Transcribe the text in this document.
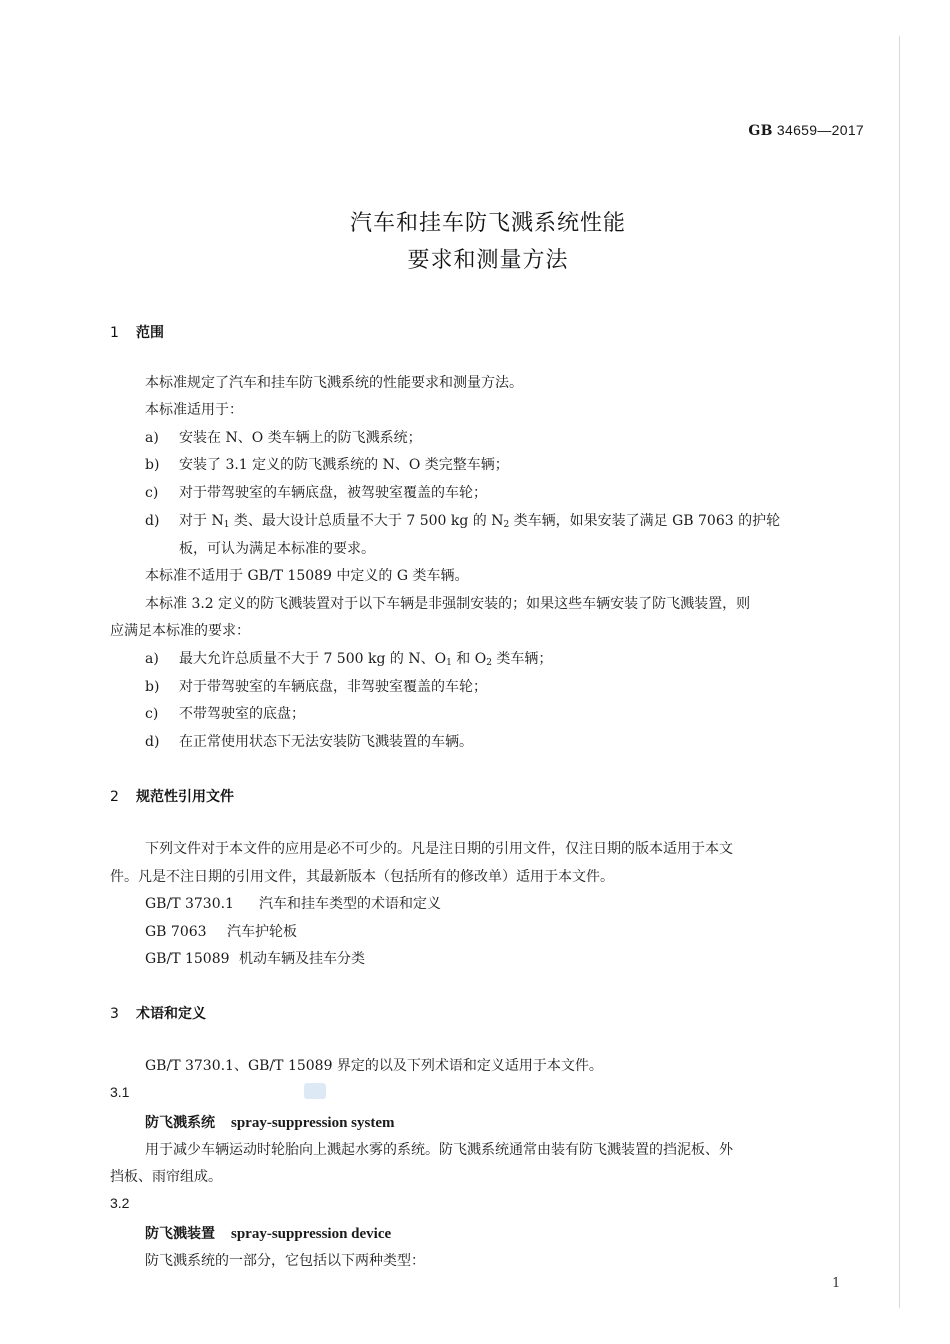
GB 34659—2017
汽车和挂车防飞溅系统性能
要求和测量方法
1 范围
本标准规定了汽车和挂车防飞溅系统的性能要求和测量方法。
本标准适用于：
a) 安装在 N、O 类车辆上的防飞溅系统；
b) 安装了 3.1 定义的防飞溅系统的 N、O 类完整车辆；
c) 对于带驾驶室的车辆底盘，被驾驶室覆盖的车轮；
d) 对于 $N_1$ 类、最大设计总质量不大于 7 500 kg 的 $N_2$ 类车辆，如果安装了满足 GB 7063 的护轮
板，可认为满足本标准的要求。
本标准不适用于 GB/T 15089 中定义的 G 类车辆。
本标准 3.2 定义的防飞溅装置对于以下车辆是非强制安装的；如果这些车辆安装了防飞溅装置，则
应满足本标准的要求：
a) 最大允许总质量不大于 7 500 kg 的 N、$O_1$ 和 $O_2$ 类车辆；
b) 对于带驾驶室的车辆底盘，非驾驶室覆盖的车轮；
c) 不带驾驶室的底盘；
d) 在正常使用状态下无法安装防飞溅装置的车辆。
2 规范性引用文件
下列文件对于本文件的应用是必不可少的。凡是注日期的引用文件，仅注日期的版本适用于本文
件。凡是不注日期的引用文件，其最新版本（包括所有的修改单）适用于本文件。
GB/T 3730.1 汽车和挂车类型的术语和定义
GB 7063 汽车护轮板
GB/T 15089 机动车辆及挂车分类
3 术语和定义
GB/T 3730.1、GB/T 15089 界定的以及下列术语和定义适用于本文件。
3.1
防飞溅系统 spray-suppression system
用于减少车辆运动时轮胎向上溅起水雾的系统。防飞溅系统通常由装有防飞溅装置的挡泥板、外
挡板、雨帘组成。
3.2
防飞溅装置 spray-suppression device
防飞溅系统的一部分，它包括以下两种类型：
1
